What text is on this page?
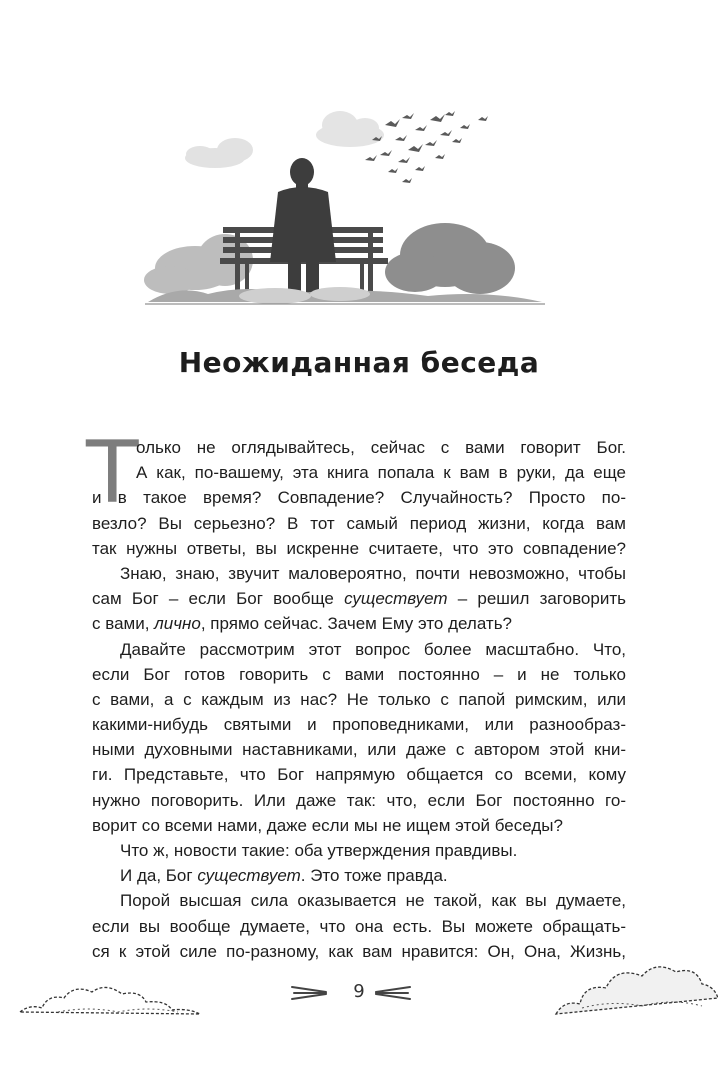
Неожиданная беседа
Т
олько не оглядывайтесь, сейчас с вами говорит Бог.
А как, по-вашему, эта книга попала к вам в руки, да еще
и в такое время? Совпадение? Случайность? Просто по-
везло? Вы серьезно? В тот самый период жизни, когда вам
так нужны ответы, вы искренне считаете, что это совпадение?
Знаю, знаю, звучит маловероятно, почти невозможно, чтобы
сам Бог – если Бог вообще существует – решил заговорить
с вами, лично, прямо сейчас. Зачем Ему это делать?
Давайте рассмотрим этот вопрос более масштабно. Что,
если Бог готов говорить с вами постоянно – и не только
с вами, а с каждым из нас? Не только с папой римским, или
какими-нибудь святыми и проповедниками, или разнообраз-
ными духовными наставниками, или даже с автором этой кни-
ги. Представьте, что Бог напрямую общается со всеми, кому
нужно поговорить. Или даже так: что, если Бог постоянно го-
ворит со всеми нами, даже если мы не ищем этой беседы?
Что ж, новости такие: оба утверждения правдивы.
И да, Бог существует. Это тоже правда.
Порой высшая сила оказывается не такой, как вы думаете,
если вы вообще думаете, что она есть. Вы можете обращать-
ся к этой силе по-разному, как вам нравится: Он, Она, Жизнь,
9
